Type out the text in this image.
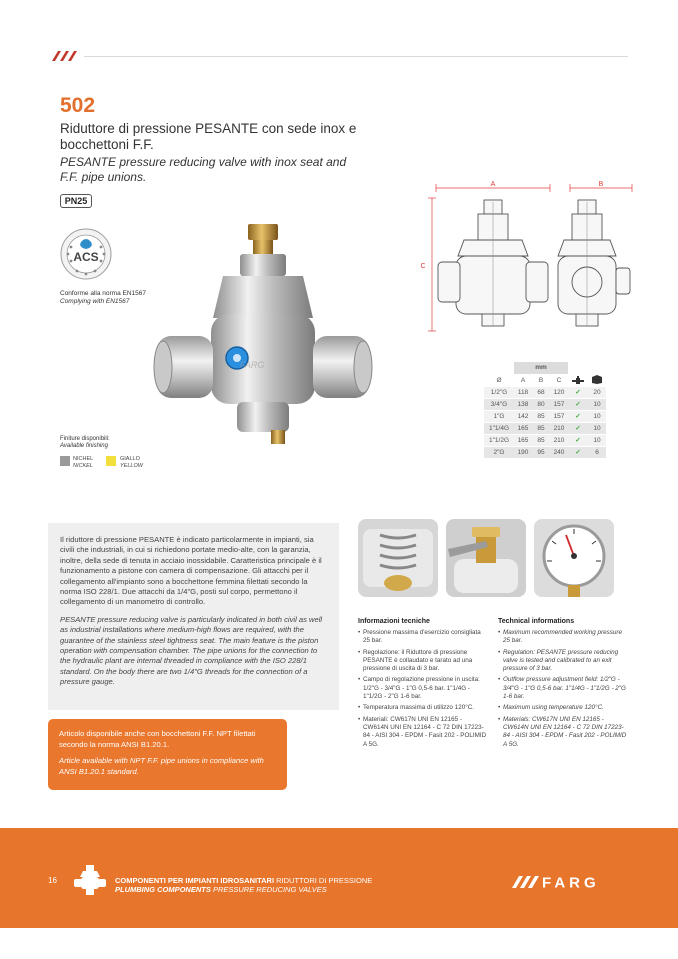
502
Riduttore di pressione PESANTE con sede inox e bocchettoni F.F.
PESANTE pressure reducing valve with inox seat and F.F. pipe unions.
PN25
ACS
Conforme alla norma EN1567
Complying with EN1567
FARG
Finiture disponibili:
Available finishing
NICHEL
NICKEL
GIALLO
YELLOW
A	B
C
	mm				
Ø	A	B	C		
1/2"G	118	68	120	✓	20
3/4"G	138	80	157	✓	10
1"G	142	85	157	✓	10
1"1/4G	165	85	210	✓	10
1"1/2G	165	85	210	✓	10
2"G	190	95	240	✓	6
Il riduttore di pressione PESANTE è indicato particolarmente in impianti, sia civili che industriali, in cui si richiedono portate medio-alte, con la garanzia, inoltre, della sede di tenuta in acciaio inossidabile. Caratteristica principale è il funzionamento a pistone con camera di compensazione. Gli attacchi per il collegamento all'impianto sono a bocchettone femmina filettati secondo la norma ISO 228/1. Due attacchi da 1/4"G, posti sul corpo, permettono il collegamento di un manometro di controllo.
PESANTE pressure reducing valve is particularly indicated in both civil as well as industrial installations where medium-high flows are required, with the guarantee of the stainless steel tightness seat. The main feature is the piston operation with compensation chamber. The pipe unions for the connection to the hydraulic plant are internal threaded in compliance with the ISO 228/1 standard. On the body there are two 1/4"G threads for the connection of a pressure gauge.
Articolo disponibile anche con bocchettoni F.F. NPT filettati secondo la norma ANSI B1.20.1.
Article available with NPT F.F. pipe unions in compliance with ANSI B1.20.1 standard.
Informazioni tecniche
• Pressione massima d'esercizio consigliata 25 bar.
• Regolazione: il Riduttore di pressione PESANTE è collaudato e tarato ad una pressione di uscita di 3 bar.
• Campo di regolazione pressione in uscita: 1/2"G - 3/4"G - 1"G 0,5-6 bar. 1"1/4G - 1"1/2G - 2"G 1-6 bar.
• Temperatura massima di utilizzo 120°C.
• Materiali: CW617N UNI EN 12165 - CW614N UNI EN 12164 - C 72 DIN 17223-84 - AISI 304 - EPDM - Fasit 202 - POLIMID A 5G.
Technical informations
• Maximum recommended working pressure 25 bar.
• Regulation: PESANTE pressure reducing valve is tested and calibrated to an exit pressure of 3 bar.
• Outflow pressure adjustment field: 1/2"G - 3/4"G - 1"G 0,5-6 bar. 1"1/4G - 1"1/2G - 2"G 1-6 bar.
• Maximum using temperature 120°C.
• Materials: CW617N UNI EN 12165 - CW614N UNI EN 12164 - C 72 DIN 17223-84 - AISI 304 - EPDM - Fasit 202 - POLIMID A 5G.
16	COMPONENTI PER IMPIANTI IDROSANITARI RIDUTTORI DI PRESSIONE
PLUMBING COMPONENTS PRESSURE REDUCING VALVES	FARG
